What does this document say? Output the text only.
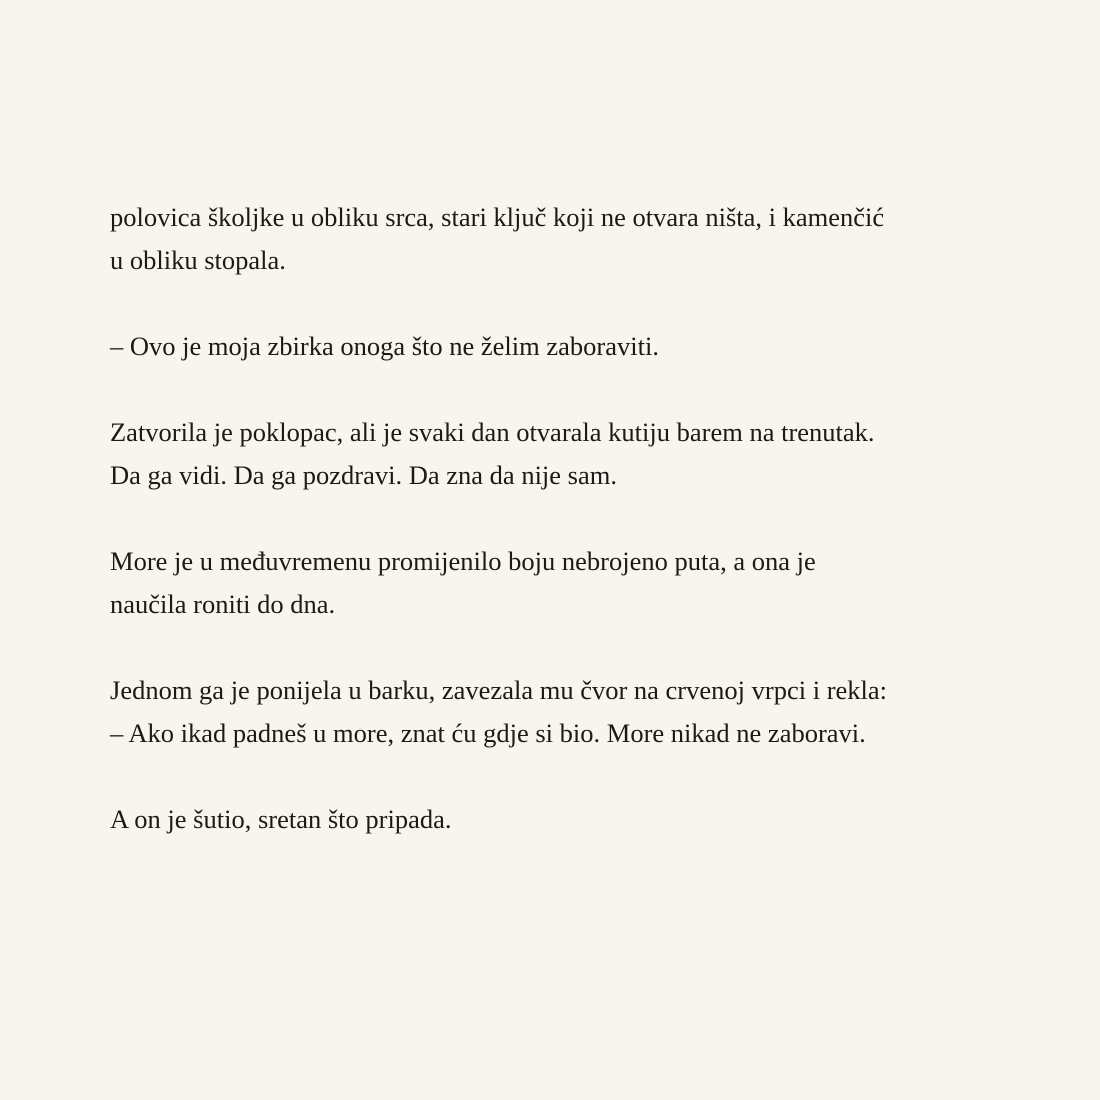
polovica školjke u obliku srca, stari ključ koji ne otvara ništa, i kamenčić
u obliku stopala.

– Ovo je moja zbirka onoga što ne želim zaboraviti.

Zatvorila je poklopac, ali je svaki dan otvarala kutiju barem na trenutak.
Da ga vidi. Da ga pozdravi. Da zna da nije sam.

More je u međuvremenu promijenilo boju nebrojeno puta, a ona je
naučila roniti do dna.

Jednom ga je ponijela u barku, zavezala mu čvor na crvenoj vrpci i rekla:
– Ako ikad padneš u more, znat ću gdje si bio. More nikad ne zaboravi.

A on je šutio, sretan što pripada.
